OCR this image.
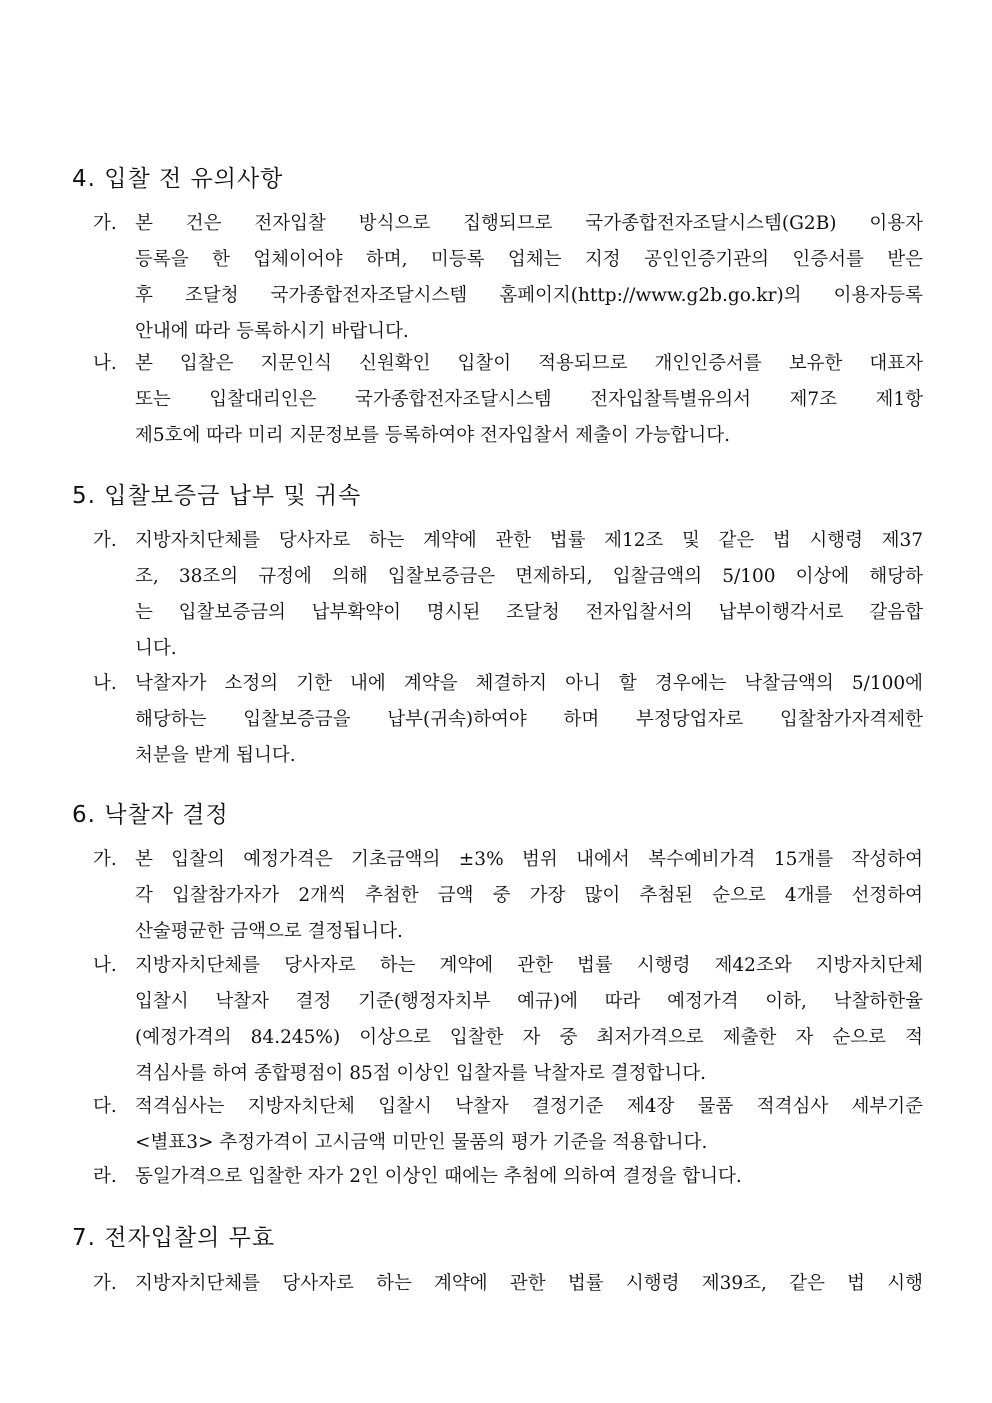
4. 입찰 전 유의사항
가. 본 건은 전자입찰 방식으로 집행되므로 국가종합전자조달시스템(G2B) 이용자
등록을 한 업체이어야 하며, 미등록 업체는 지정 공인인증기관의 인증서를 받은
후 조달청 국가종합전자조달시스템 홈페이지(http://www.g2b.go.kr)의 이용자등록
안내에 따라 등록하시기 바랍니다.
나. 본 입찰은 지문인식 신원확인 입찰이 적용되므로 개인인증서를 보유한 대표자
또는 입찰대리인은 국가종합전자조달시스템 전자입찰특별유의서 제7조 제1항
제5호에 따라 미리 지문정보를 등록하여야 전자입찰서 제출이 가능합니다.
5. 입찰보증금 납부 및 귀속
가. 지방자치단체를 당사자로 하는 계약에 관한 법률 제12조 및 같은 법 시행령 제37
조, 38조의 규정에 의해 입찰보증금은 면제하되, 입찰금액의 5/100 이상에 해당하
는 입찰보증금의 납부확약이 명시된 조달청 전자입찰서의 납부이행각서로 갈음합
니다.
나. 낙찰자가 소정의 기한 내에 계약을 체결하지 아니 할 경우에는 낙찰금액의 5/100에
해당하는 입찰보증금을 납부(귀속)하여야 하며 부정당업자로 입찰참가자격제한
처분을 받게 됩니다.
6. 낙찰자 결정
가. 본 입찰의 예정가격은 기초금액의 ±3% 범위 내에서 복수예비가격 15개를 작성하여
각 입찰참가자가 2개씩 추첨한 금액 중 가장 많이 추첨된 순으로 4개를 선정하여
산술평균한 금액으로 결정됩니다.
나. 지방자치단체를 당사자로 하는 계약에 관한 법률 시행령 제42조와 지방자치단체
입찰시 낙찰자 결정 기준(행정자치부 예규)에 따라 예정가격 이하, 낙찰하한율
(예정가격의 84.245%) 이상으로 입찰한 자 중 최저가격으로 제출한 자 순으로 적
격심사를 하여 종합평점이 85점 이상인 입찰자를 낙찰자로 결정합니다.
다. 적격심사는 지방자치단체 입찰시 낙찰자 결정기준 제4장 물품 적격심사 세부기준
<별표3> 추정가격이 고시금액 미만인 물품의 평가 기준을 적용합니다.
라. 동일가격으로 입찰한 자가 2인 이상인 때에는 추첨에 의하여 결정을 합니다.
7. 전자입찰의 무효
가. 지방자치단체를 당사자로 하는 계약에 관한 법률 시행령 제39조, 같은 법 시행
